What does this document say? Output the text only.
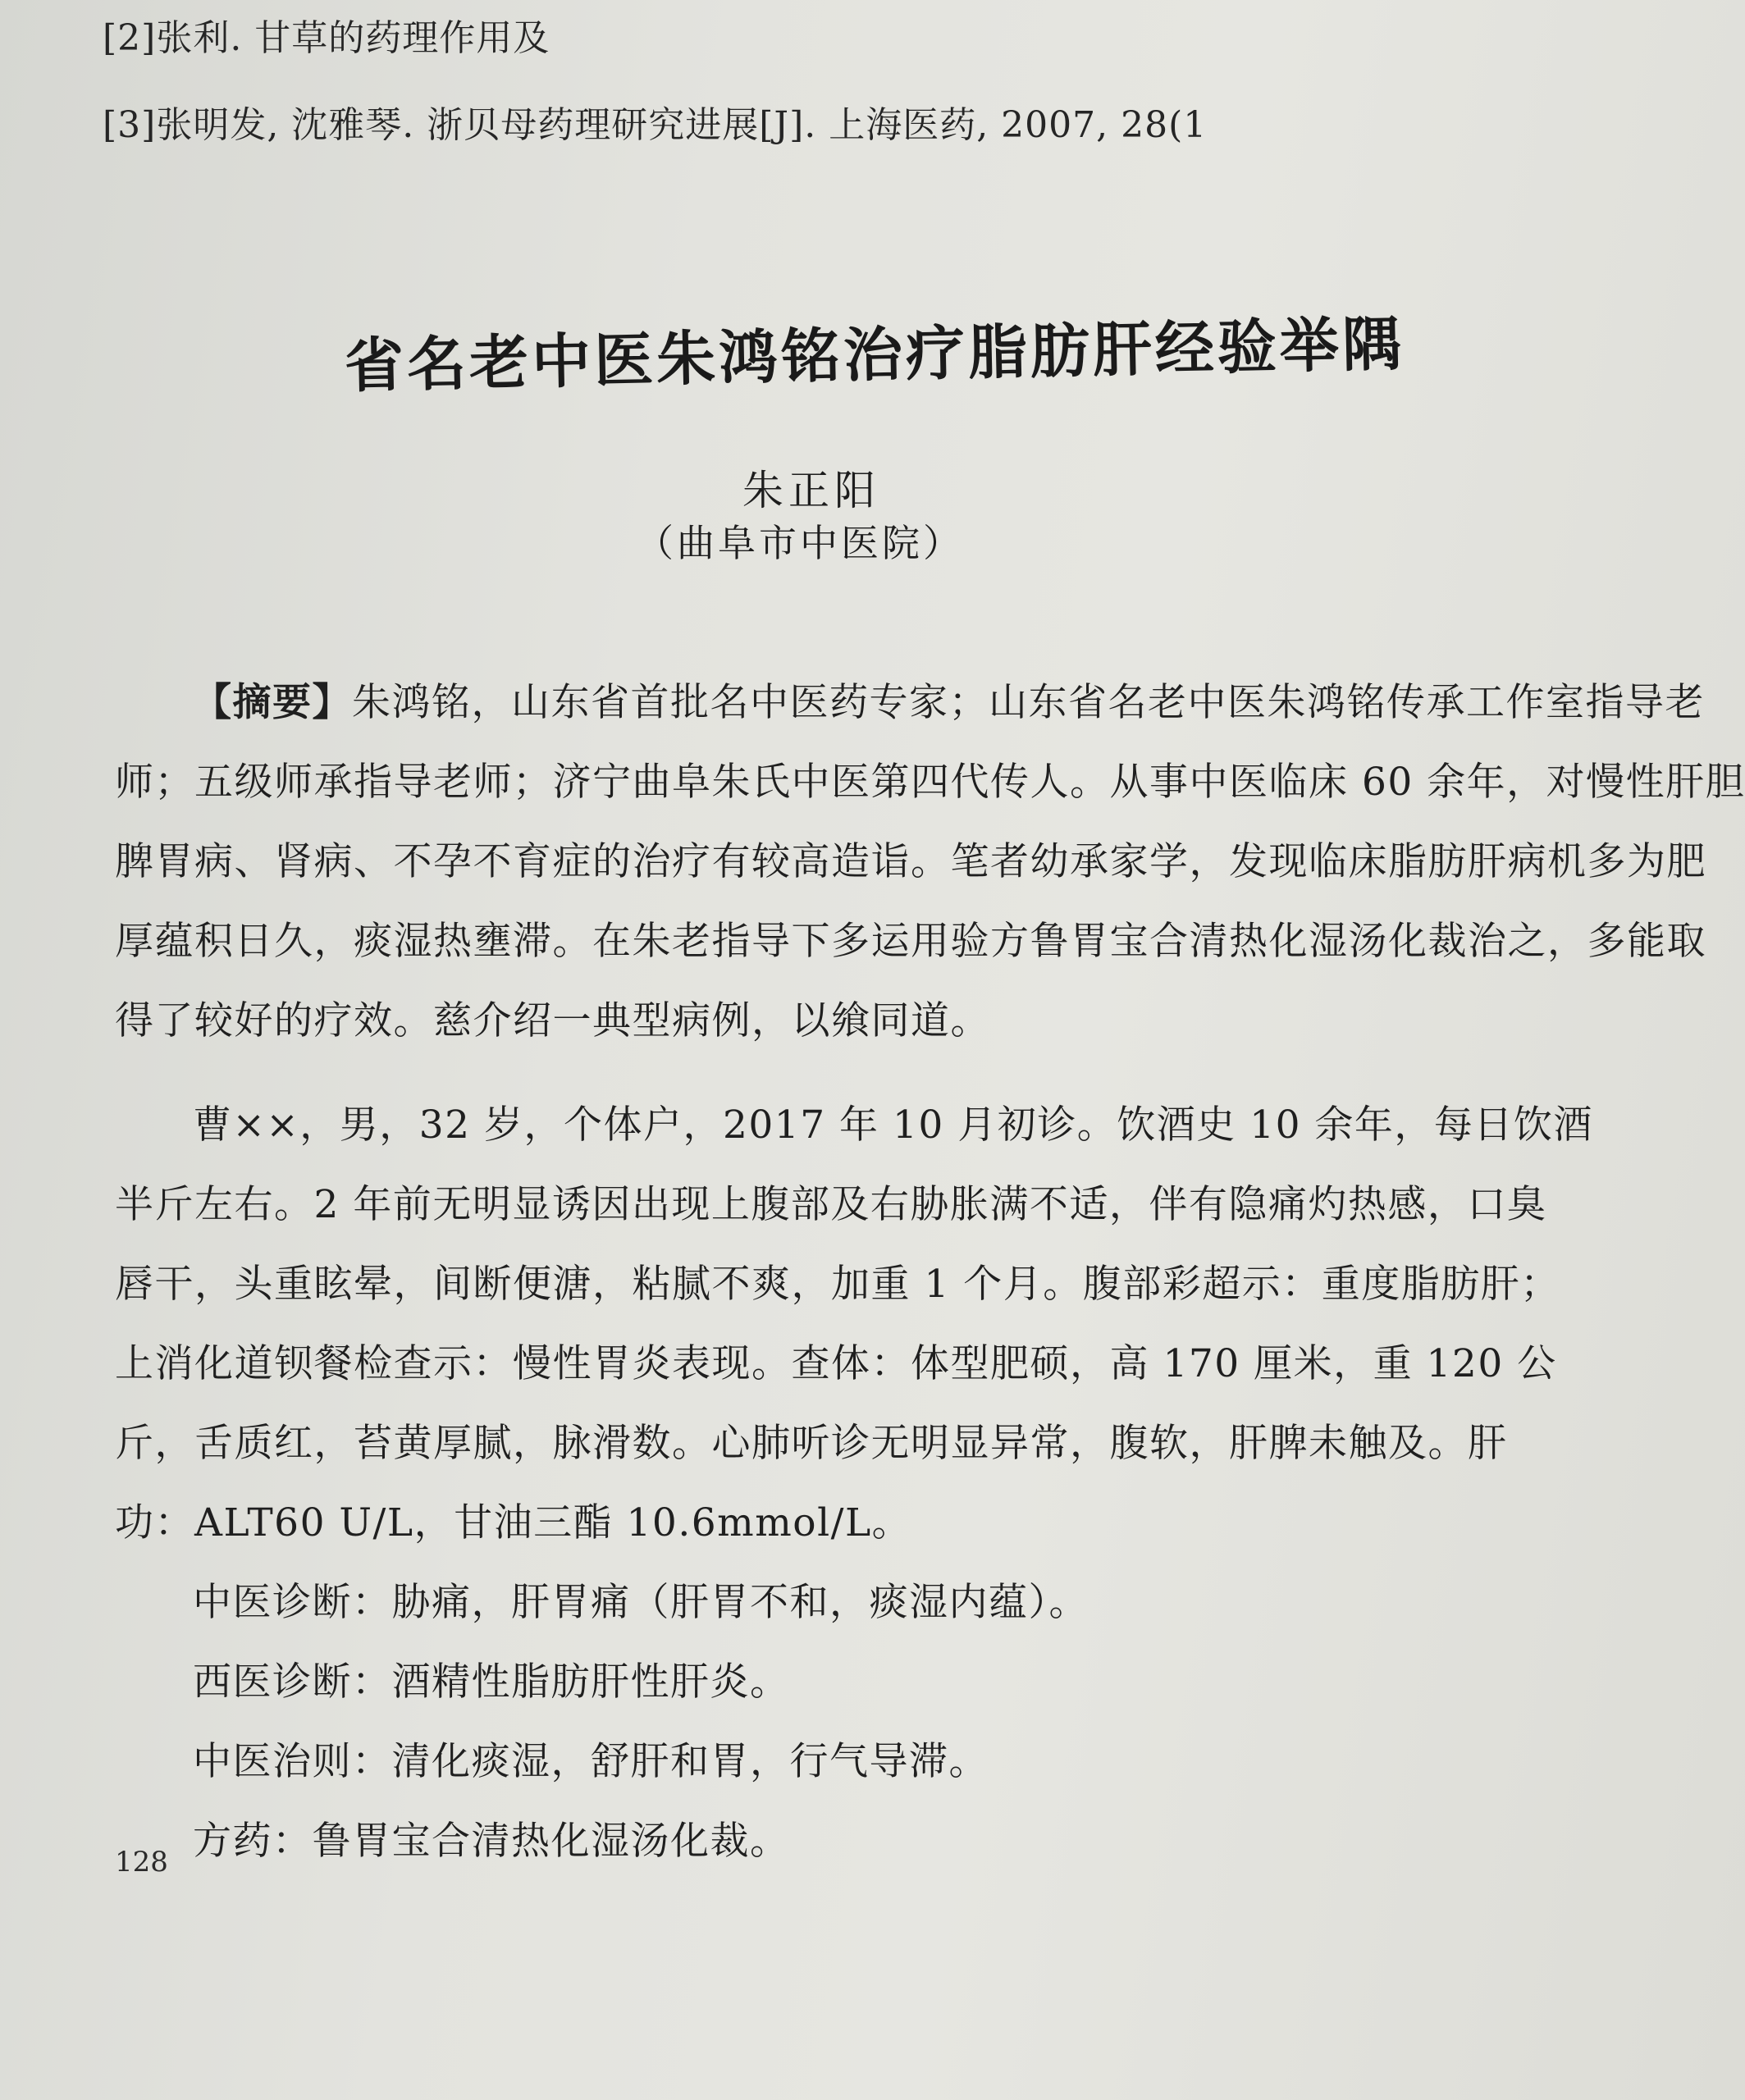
[2]张利. 甘草的药理作用及
[3]张明发, 沈雅琴. 浙贝母药理研究进展[J]. 上海医药, 2007, 28(1
省名老中医朱鸿铭治疗脂肪肝经验举隅
朱正阳
（曲阜市中医院）
【摘要】朱鸿铭，山东省首批名中医药专家；山东省名老中医朱鸿铭传承工作室指导老
师；五级师承指导老师；济宁曲阜朱氏中医第四代传人。从事中医临床 60 余年，对慢性肝胆
脾胃病、肾病、不孕不育症的治疗有较高造诣。笔者幼承家学，发现临床脂肪肝病机多为肥
厚蕴积日久，痰湿热壅滞。在朱老指导下多运用验方鲁胃宝合清热化湿汤化裁治之，多能取
得了较好的疗效。慈介绍一典型病例，以飨同道。
曹××，男，32 岁，个体户，2017 年 10 月初诊。饮酒史 10 余年，每日饮酒
半斤左右。2 年前无明显诱因出现上腹部及右胁胀满不适，伴有隐痛灼热感，口臭
唇干，头重眩晕，间断便溏，粘腻不爽，加重 1 个月。腹部彩超示：重度脂肪肝；
上消化道钡餐检查示：慢性胃炎表现。查体：体型肥硕，高 170 厘米，重 120 公
斤，舌质红，苔黄厚腻，脉滑数。心肺听诊无明显异常，腹软，肝脾未触及。肝
功：ALT60 U/L，甘油三酯 10.6mmol/L。
中医诊断：胁痛，肝胃痛（肝胃不和，痰湿内蕴）。
西医诊断：酒精性脂肪肝性肝炎。
中医治则：清化痰湿，舒肝和胃，行气导滞。
方药：鲁胃宝合清热化湿汤化裁。
128
